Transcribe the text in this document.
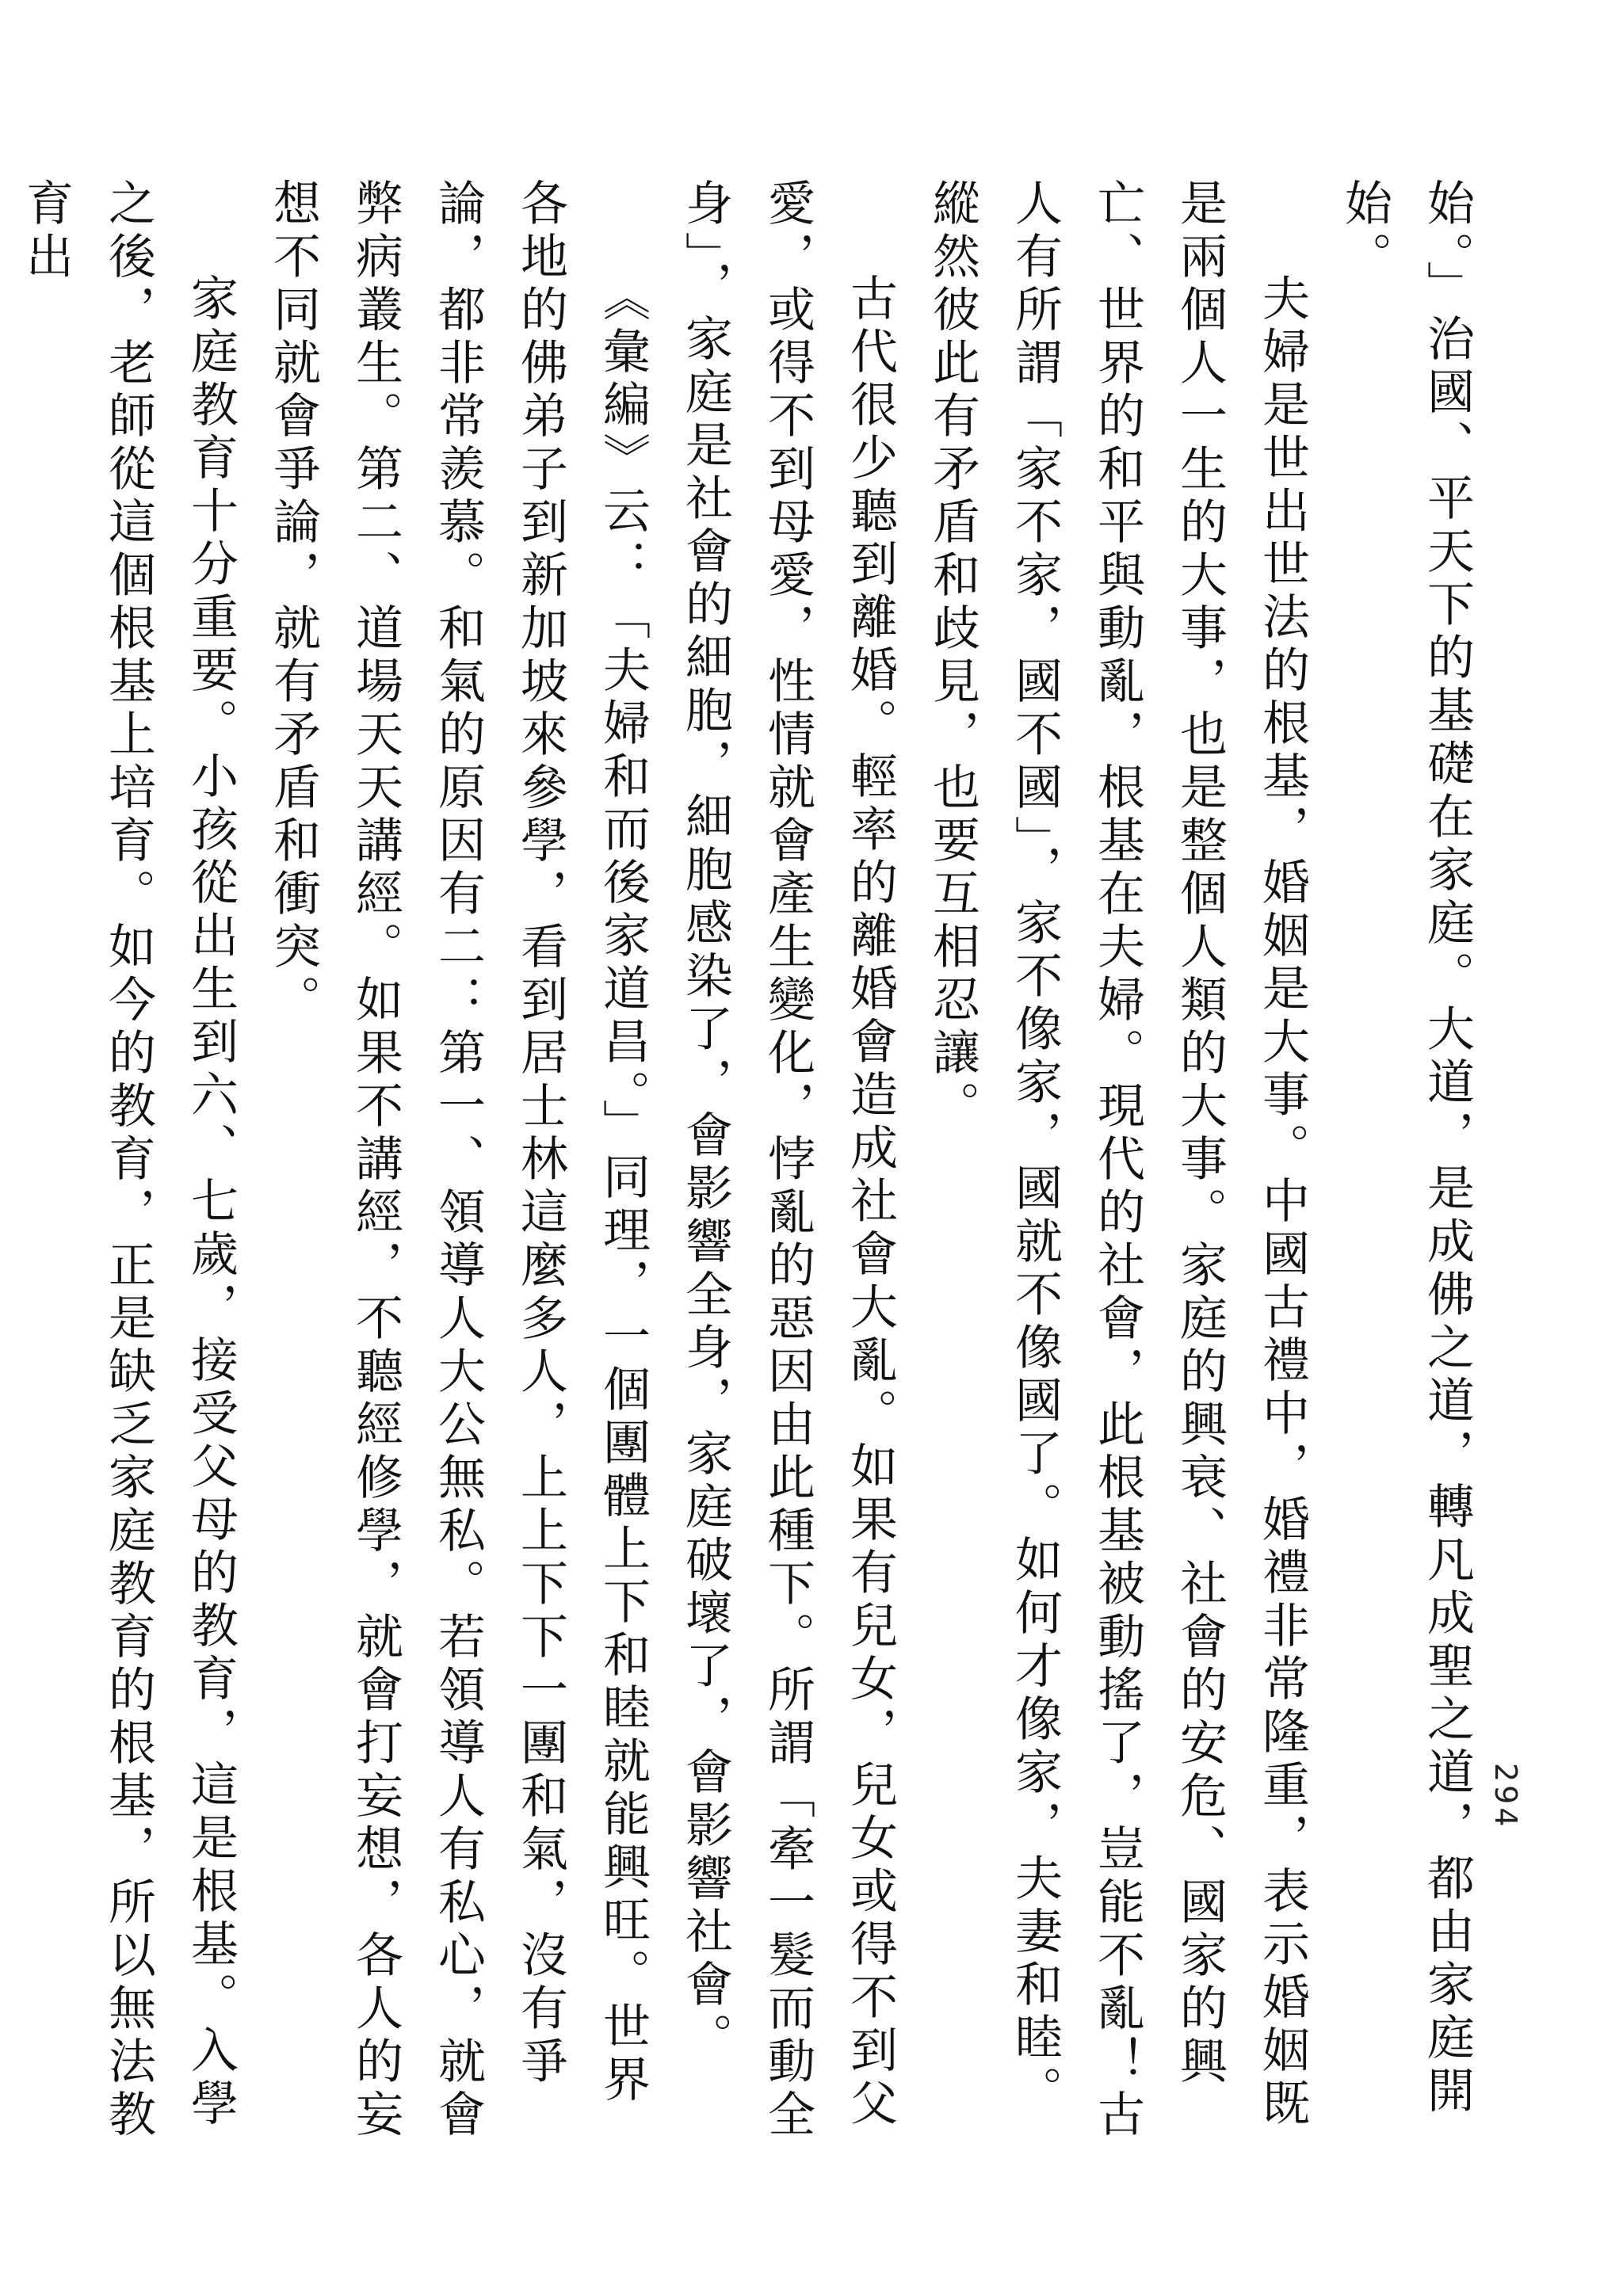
294

始。」治國、平天下的基礎在家庭。大道，是成佛之道，轉凡成聖之道，都由家庭開始。

夫婦是世出世法的根基，婚姻是大事。中國古禮中，婚禮非常隆重，表示婚姻既是兩個人一生的大事，也是整個人類的大事。家庭的興衰、社會的安危、國家的興亡、世界的和平與動亂，根基在夫婦。現代的社會，此根基被動搖了，豈能不亂！古人有所謂「家不家，國不國」，家不像家，國就不像國了。如何才像家，夫妻和睦。縱然彼此有矛盾和歧見，也要互相忍讓。

古代很少聽到離婚。輕率的離婚會造成社會大亂。如果有兒女，兒女或得不到父愛，或得不到母愛，性情就會產生變化，悖亂的惡因由此種下。所謂「牽一髮而動全身」，家庭是社會的細胞，細胞感染了，會影響全身，家庭破壞了，會影響社會。

《彙編》云：「夫婦和而後家道昌。」同理，一個團體上下和睦就能興旺。世界各地的佛弟子到新加坡來參學，看到居士林這麼多人，上上下下一團和氣，沒有爭論，都非常羨慕。和氣的原因有二：第一、領導人大公無私。若領導人有私心，就會弊病叢生。第二、道場天天講經。如果不講經，不聽經修學，就會打妄想，各人的妄想不同就會爭論，就有矛盾和衝突。

家庭教育十分重要。小孩從出生到六、七歲，接受父母的教育，這是根基。入學之後，老師從這個根基上培育。如今的教育，正是缺乏家庭教育的根基，所以無法教育出
